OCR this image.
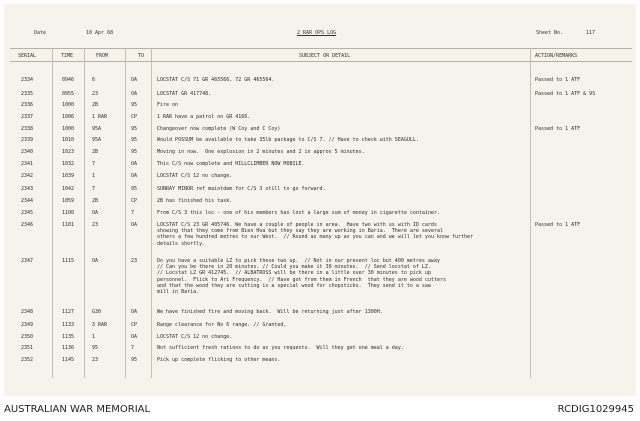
Date	10 Apr 68	2 RAR OPS LOG	Sheet No.	117
SERIAL	TIME	FROM	TO	SUBJECT OR DETAIL	ACTION/REMARKS
2334	0946	6	OA	LOCSTAT C/S 71 GR 465566, 72 GR 465564.	Passed to 1 ATF
2335	0955	23	OA	LOCSTAT GR 417748.	Passed to 1 ATF & 9S
2336	1000	2B	95	Fire on
2337	1006	1 RAR	CP	1 RAR have a patrol on GR 4166.
2338	1000	95A	95	Changeover now complete (W Coy and C Coy)	Passed to 1 ATF
2339	1010	95A	95	Would POSSUM be available to take 35lb package to C/S 7. // Have to check with SEAGULL.
2340	1023	2B	95	Moving in now.  One explosion in 2 minutes and 2 in approx 5 minutes.
2341	1032	7	OA	This C/S now complete and HILLCLIMBER NOW MOBILE.
2342	1039	1	OA	LOCSTAT C/S 12 no change.
2343	1042	7	95	SUNRAY MINOR ref maintdem for C/S 3 still to go forward.
2344	1059	2B	CP	2B has finished his task.
2345	1100	OA	7	From C/S 3 this loc - one of his members has lost a large sum of money in cigarette container.
2346	1101	23	OA	LOCSTAT C/S 23 GR 405746. We have a couple of people in area.  Have two with us with ID cards
showing that they come from Bien Hoa but they say they are working in Baria.  There are several
others a few hundred metres to our West.  // Round as many up as you can and we will let you know further
details shortly.
Passed to 1 ATF
2347	1115	OA	23	Do you have a suitable LZ to pick these two up.  // Not in our present loc but 400 metres away
// Can you be there in 20 minutes. // Could you make it 30 minutes.  // Send locstat of LZ.
// Locstat LZ GR 412745.  // ALBATROSS will be there in a little over 30 minutes to pick up
personnel.  Flick to Ari Frequency.  // Have got from them in French  that they are wood cutters
and that the wood they are cutting is a special wood for chopsticks.  They send it to a saw
mill in Baria.
2348	1127	G30	OA	We have finished fire and moving back.  Will be returning just after 1300H.
2349	1133	3 RAR	CP	Range clearance for No 6 range. // Granted,
2350	1135	1	OA	LOCSTAT C/S 12 no change.
2351	1136	95	7	Not sufficient fresh rations to do as you requests.  Will they get one meal a day.
2352	1145	23	95	Pick up complete flicking to other means.
AUSTRALIAN WAR MEMORIAL	RCDIG1029945
